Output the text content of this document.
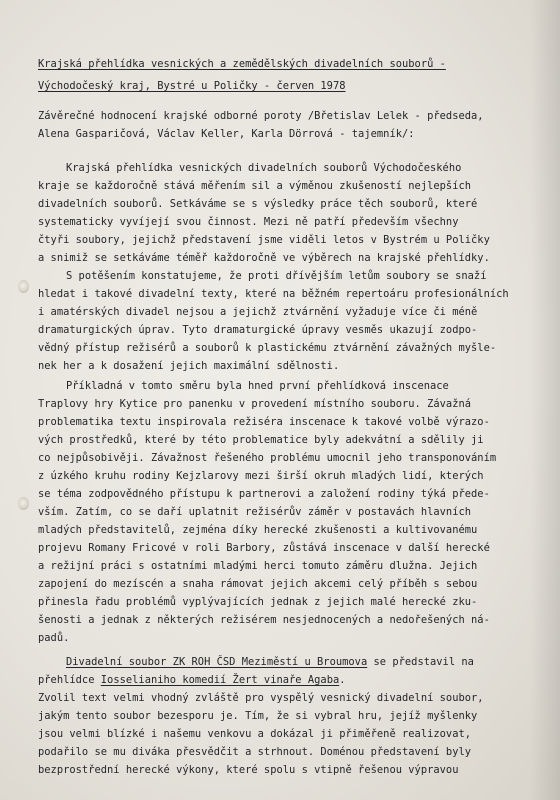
Krajská přehlídka vesnických a zemědělských divadelních souborů -
Východočeský kraj, Bystré u Poličky - červen 1978
Závěrečné hodnocení krajské odborné poroty /Břetislav Lelek - předseda,
Alena Gasparičová, Václav Keller, Karla Dörrová - tajemník/:
Krajská přehlídka vesnických divadelních souborů Východočeského
kraje se každoročně stává měřením sil a výměnou zkušeností nejlepších
divadelních souborů. Setkáváme se s výsledky práce těch souborů, které
systematicky vyvíjejí svou činnost. Mezi ně patří především všechny
čtyři soubory, jejichž představení jsme viděli letos v Bystrém u Poličky
a snimiž se setkáváme téměř každoročně ve výběrech na krajské přehlídky.
S potěšením konstatujeme, že proti dřívějším letům soubory se snaží
hledat i takové divadelní texty, které na běžném repertoáru profesionálních
i amatérských divadel nejsou a jejichž ztvárnění vyžaduje více či méně
dramaturgických úprav. Tyto dramaturgické úpravy vesměs ukazují zodpo-
vědný přístup režisérů a souborů k plastickému ztvárnění závažných myšle-
nek her a k dosažení jejich maximální sdělnosti.
Příkladná v tomto směru byla hned první přehlídková inscenace
Traplovy hry Kytice pro panenku v provedení místního souboru. Závažná
problematika textu inspirovala režiséra inscenace k takové volbě výrazo-
vých prostředků, které by této problematice byly adekvátní a sdělily ji
co nejpůsobivěji. Závažnost řešeného problému umocnil jeho transponováním
z úzkého kruhu rodiny Kejzlarovy mezi širší okruh mladých lidí, kterých
se téma zodpovědného přístupu k partnerovi a založení rodiny týká přede-
vším. Zatím, co se daří uplatnit režisérův záměr v postavách hlavních
mladých představitelů, zejména díky herecké zkušenosti a kultivovanému
projevu Romany Fricové v roli Barbory, zůstává inscenace v další herecké
a režijní práci s ostatními mladými herci tomuto záměru dlužna. Jejich
zapojení do mezíscén a snaha rámovat jejich akcemi celý příběh s sebou
přinesla řadu problémů vyplývajících jednak z jejich malé herecké zku-
šenosti a jednak z některých režisérem nesjednocených a nedořešených ná-
padů.
Divadelní soubor ZK ROH ČSD Meziměstí u Broumova se představil na
přehlídce Iosselianiho komedií Žert vinaře Agaba.
Zvolil text velmi vhodný zvláště pro vyspělý vesnický divadelní soubor,
jakým tento soubor bezesporu je. Tím, že si vybral hru, jejíž myšlenky
jsou velmi blízké i našemu venkovu a dokázal ji přiměřeně realizovat,
podařilo se mu diváka přesvědčit a strhnout. Doménou představení byly
bezprostřední herecké výkony, které spolu s vtipně řešenou výpravou
